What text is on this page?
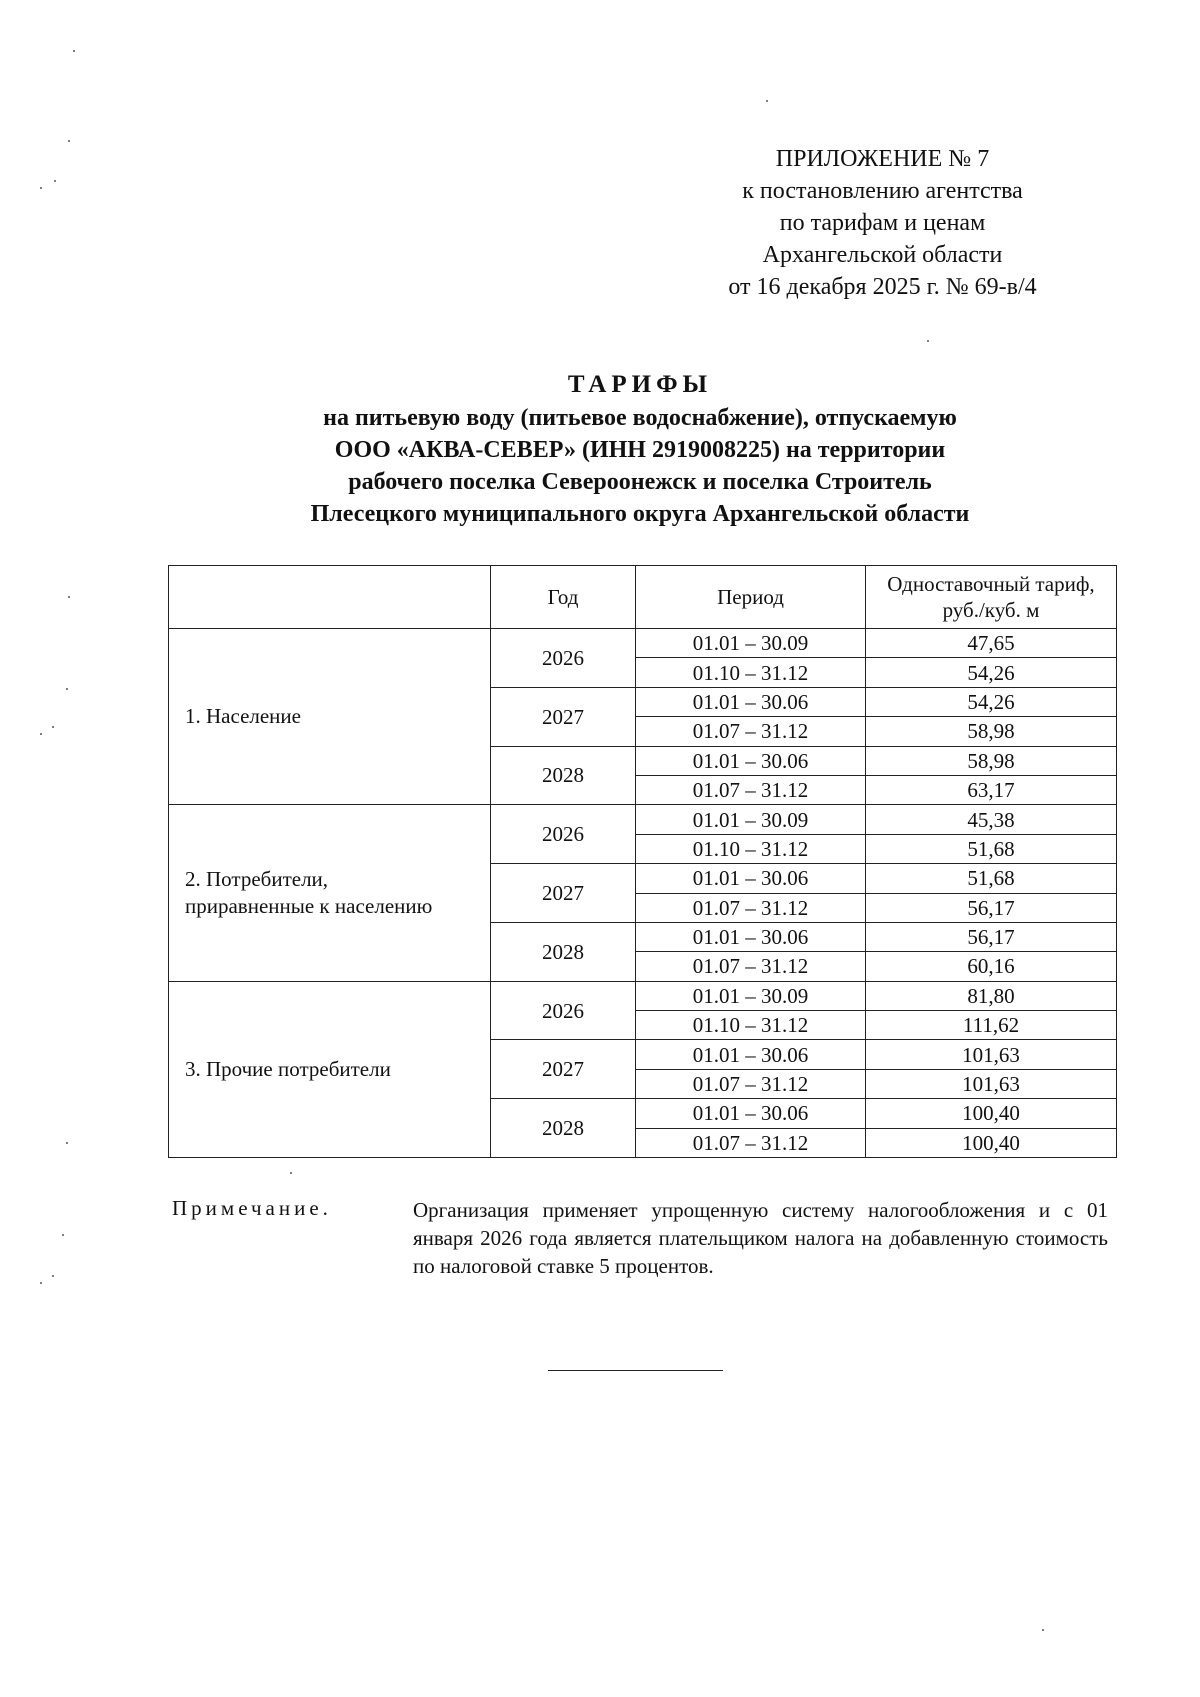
ПРИЛОЖЕНИЕ № 7
к постановлению агентства
по тарифам и ценам
Архангельской области
от 16 декабря 2025 г. № 69-в/4
ТАРИФЫ
на питьевую воду (питьевое водоснабжение), отпускаемую
ООО «АКВА-СЕВЕР» (ИНН 2919008225) на территории
рабочего поселка Североонежск и поселка Строитель
Плесецкого муниципального округа Архангельской области
	Год	Период	Одноставочный тариф,
руб./куб. м

1. Население	2026	01.01 – 30.09	47,65
		01.10 – 31.12	54,26
	2027	01.01 – 30.06	54,26
		01.07 – 31.12	58,98
	2028	01.01 – 30.06	58,98
		01.07 – 31.12	63,17

2. Потребители,
приравненные к населению	2026	01.01 – 30.09	45,38
		01.10 – 31.12	51,68
	2027	01.01 – 30.06	51,68
		01.07 – 31.12	56,17
	2028	01.01 – 30.06	56,17
		01.07 – 31.12	60,16

3. Прочие потребители	2026	01.01 – 30.09	81,80
		01.10 – 31.12	111,62
	2027	01.01 – 30.06	101,63
		01.07 – 31.12	101,63
	2028	01.01 – 30.06	100,40
		01.07 – 31.12	100,40
Примечание.	Организация применяет упрощенную систему налогообложения и с 01 января 2026 года является плательщиком налога на добавленную стоимость по налоговой ставке 5 процентов.
